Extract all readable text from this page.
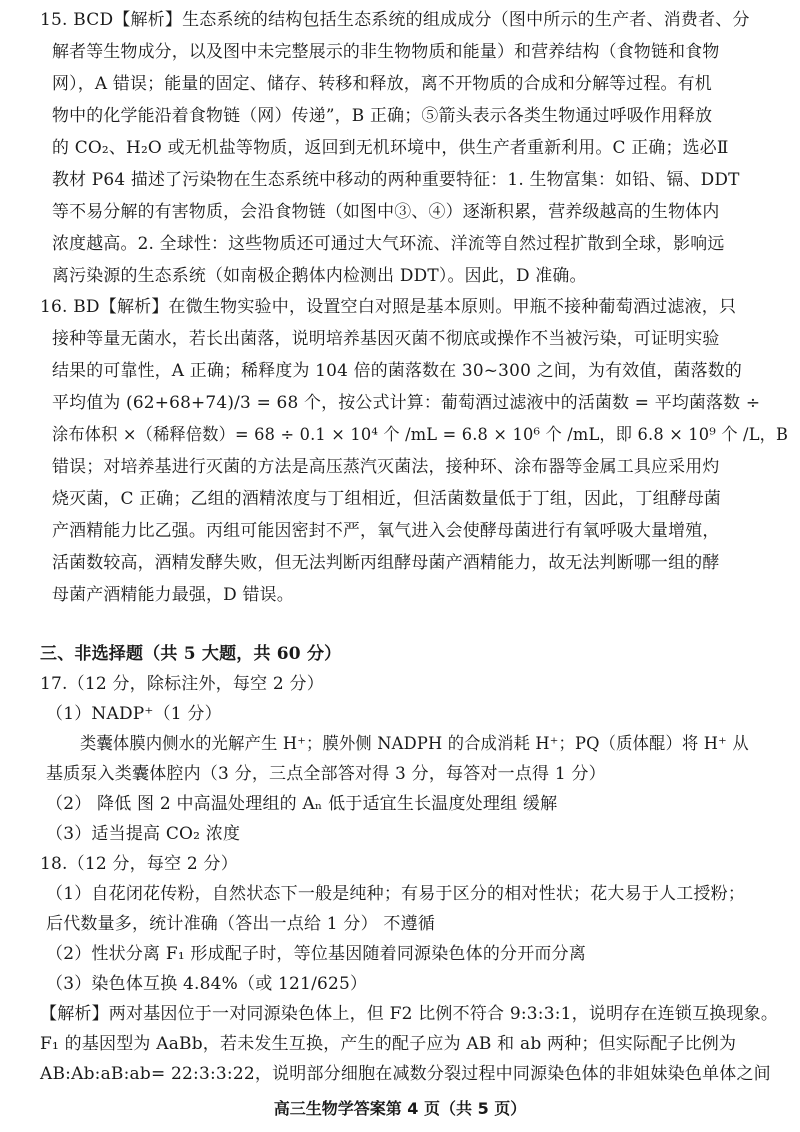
15. BCD【解析】生态系统的结构包括生态系统的组成成分（图中所示的生产者、消费者、分
解者等生物成分，以及图中未完整展示的非生物物质和能量）和营养结构（食物链和食物
网），A 错误；能量的固定、储存、转移和释放，离不开物质的合成和分解等过程。有机
物中的化学能沿着食物链（网）传递”，B 正确；⑤箭头表示各类生物通过呼吸作用释放
的 CO₂、H₂O 或无机盐等物质，返回到无机环境中，供生产者重新利用。C 正确；选必Ⅱ
教材 P64 描述了污染物在生态系统中移动的两种重要特征：1. 生物富集：如铅、镉、DDT
等不易分解的有害物质，会沿食物链（如图中③、④）逐渐积累，营养级越高的生物体内
浓度越高。2. 全球性：这些物质还可通过大气环流、洋流等自然过程扩散到全球，影响远
离污染源的生态系统（如南极企鹅体内检测出 DDT）。因此，D 准确。
16. BD【解析】在微生物实验中，设置空白对照是基本原则。甲瓶不接种葡萄酒过滤液，只
接种等量无菌水，若长出菌落，说明培养基因灭菌不彻底或操作不当被污染，可证明实验
结果的可靠性，A 正确；稀释度为 104 倍的菌落数在 30~300 之间，为有效值，菌落数的
平均值为 (62+68+74)/3 = 68 个，按公式计算：葡萄酒过滤液中的活菌数 = 平均菌落数 ÷
涂布体积 ×（稀释倍数）= 68 ÷ 0.1 × 10⁴ 个 /mL = 6.8 × 10⁶ 个 /mL，即 6.8 × 10⁹ 个 /L，B
错误；对培养基进行灭菌的方法是高压蒸汽灭菌法，接种环、涂布器等金属工具应采用灼
烧灭菌，C 正确；乙组的酒精浓度与丁组相近，但活菌数量低于丁组，因此，丁组酵母菌
产酒精能力比乙强。丙组可能因密封不严，氧气进入会使酵母菌进行有氧呼吸大量增殖，
活菌数较高，酒精发酵失败，但无法判断丙组酵母菌产酒精能力，故无法判断哪一组的酵
母菌产酒精能力最强，D 错误。
三、非选择题（共 5 大题，共 60 分）
17.（12 分，除标注外，每空 2 分）
（1）NADP⁺（1 分）
类囊体膜内侧水的光解产生 H⁺；膜外侧 NADPH 的合成消耗 H⁺；PQ（质体醌）将 H⁺ 从
基质泵入类囊体腔内（3 分，三点全部答对得 3 分，每答对一点得 1 分）
（2） 降低 图 2 中高温处理组的 Aₙ 低于适宜生长温度处理组 缓解
（3）适当提高 CO₂ 浓度
18.（12 分，每空 2 分）
（1）自花闭花传粉，自然状态下一般是纯种；有易于区分的相对性状；花大易于人工授粉；
后代数量多，统计准确（答出一点给 1 分） 不遵循
（2）性状分离 F₁ 形成配子时，等位基因随着同源染色体的分开而分离
（3）染色体互换 4.84%（或 121/625）
【解析】两对基因位于一对同源染色体上，但 F2 比例不符合 9:3:3:1，说明存在连锁互换现象。
F₁ 的基因型为 AaBb，若未发生互换，产生的配子应为 AB 和 ab 两种；但实际配子比例为
高三生物学答案第 4 页（共 5 页）
AB:Ab:aB:ab= 22:3:3:22，说明部分细胞在减数分裂过程中同源染色体的非姐妹染色单体之间
